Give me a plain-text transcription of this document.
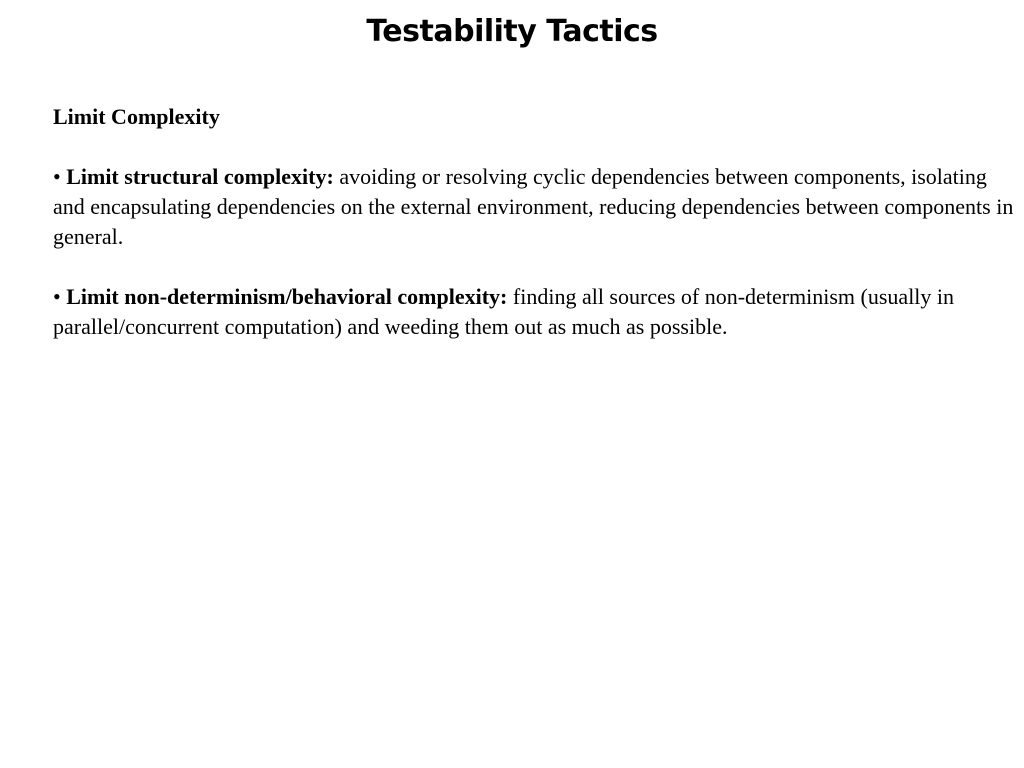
Testability Tactics

Limit Complexity

• Limit structural complexity: avoiding or resolving cyclic dependencies between components, isolating and encapsulating dependencies on the external environment, reducing dependencies between components in general.

• Limit non-determinism/behavioral complexity: finding all sources of non-determinism (usually in parallel/concurrent computation) and weeding them out as much as possible.
